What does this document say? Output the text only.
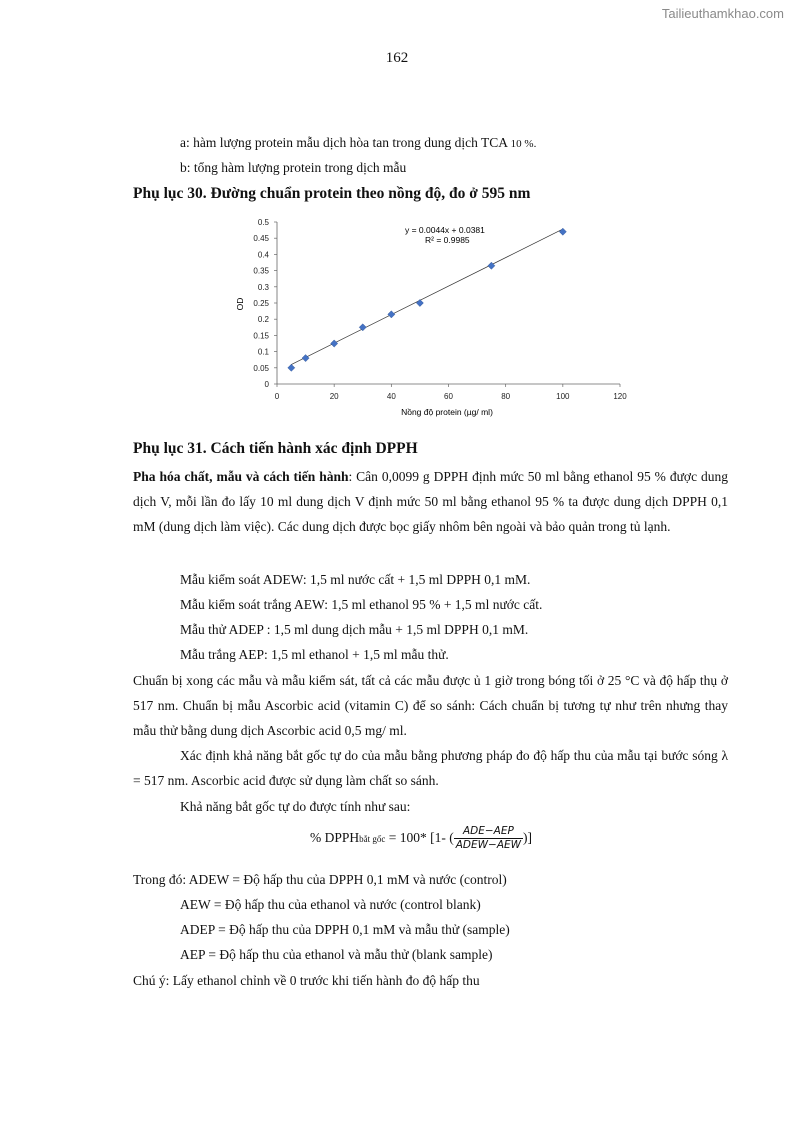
Tailieuthamkhao.com
162
a: hàm lượng protein mẫu dịch hòa tan trong dung dịch TCA 10 %.
b: tổng hàm lượng protein trong dịch mẫu
Phụ lục 30. Đường chuẩn protein theo nồng độ, đo ở 595 nm
0
0.05
0.1
0.15
0.2
0.25
0.3
0.35
0.4
0.45
0.5
0	20	40	60	80	100	120
y = 0.0044x + 0.0381
R² = 0.9985
OD
Nồng độ protein (µg/ ml)
Phụ lục 31. Cách tiến hành xác định DPPH
Pha hóa chất, mẫu và cách tiến hành: Cân 0,0099 g DPPH định mức 50 ml bằng ethanol 95 % được dung dịch V, mỗi lần đo lấy 10 ml dung dịch V định mức 50 ml bằng ethanol 95 % ta được dung dịch DPPH 0,1 mM (dung dịch làm việc). Các dung dịch được bọc giấy nhôm bên ngoài và bảo quản trong tủ lạnh.
Mẫu kiểm soát ADEW: 1,5 ml nước cất + 1,5 ml DPPH 0,1 mM.
Mẫu kiểm soát trắng AEW: 1,5 ml ethanol 95 % + 1,5 ml nước cất.
Mẫu thử ADEP : 1,5 ml dung dịch mẫu + 1,5 ml DPPH 0,1 mM.
Mẫu trắng AEP: 1,5 ml ethanol + 1,5 ml mẫu thử.
Chuẩn bị xong các mẫu và mẫu kiểm sát, tất cả các mẫu được ủ 1 giờ trong bóng tối ở 25 °C và độ hấp thụ ở 517 nm. Chuẩn bị mẫu Ascorbic acid (vitamin C) để so sánh: Cách chuẩn bị tương tự như trên nhưng thay mẫu thử bằng dung dịch Ascorbic acid 0,5 mg/ ml.
Xác định khả năng bắt gốc tự do của mẫu bằng phương pháp đo độ hấp thu của mẫu tại bước sóng λ = 517 nm. Ascorbic acid được sử dụng làm chất so sánh.
Khả năng bắt gốc tự do được tính như sau:
% DPPHbắt gốc = 100* [1- ( $\frac{\text{ADE−AEP}}{\text{ADEW−AEW}}$ )]
Trong đó: ADEW = Độ hấp thu của DPPH 0,1 mM và nước (control)
AEW = Độ hấp thu của ethanol và nước (control blank)
ADEP = Độ hấp thu của DPPH 0,1 mM và mẫu thử (sample)
AEP = Độ hấp thu của ethanol và mẫu thử (blank sample)
Chú ý: Lấy ethanol chỉnh về 0 trước khi tiến hành đo độ hấp thu
